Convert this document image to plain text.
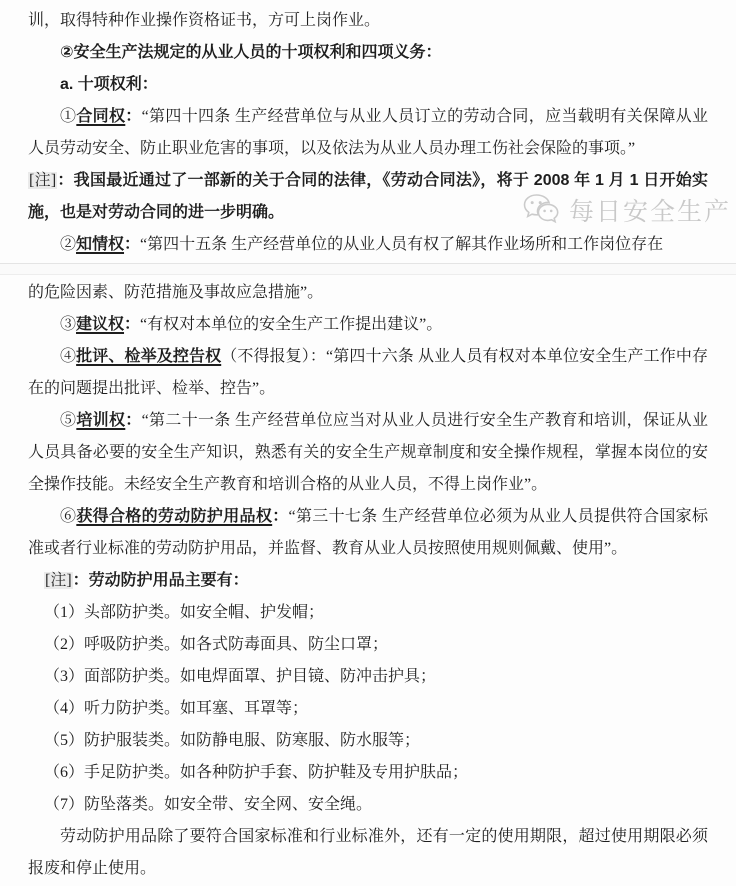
每日安全生产

训，取得特种作业操作资格证书，方可上岗作业。

②安全生产法规定的从业人员的十项权利和四项义务：

a. 十项权利：

①合同权：“第四十四条 生产经营单位与从业人员订立的劳动合同，应当载明有关保障从业人员劳动安全、防止职业危害的事项，以及依法为从业人员办理工伤社会保险的事项。”

[注]：我国最近通过了一部新的关于合同的法律，《劳动合同法》，将于 2008 年 1 月 1 日开始实施，也是对劳动合同的进一步明确。

②知情权：“第四十五条 生产经营单位的从业人员有权了解其作业场所和工作岗位存在

的危险因素、防范措施及事故应急措施”。

③建议权：“有权对本单位的安全生产工作提出建议”。

④批评、检举及控告权（不得报复）：“第四十六条 从业人员有权对本单位安全生产工作中存在的问题提出批评、检举、控告”。

⑤培训权：“第二十一条 生产经营单位应当对从业人员进行安全生产教育和培训，保证从业人员具备必要的安全生产知识，熟悉有关的安全生产规章制度和安全操作规程，掌握本岗位的安全操作技能。未经安全生产教育和培训合格的从业人员，不得上岗作业”。

⑥获得合格的劳动防护用品权：“第三十七条 生产经营单位必须为从业人员提供符合国家标准或者行业标准的劳动防护用品，并监督、教育从业人员按照使用规则佩戴、使用”。

[注]：劳动防护用品主要有：

（1）头部防护类。如安全帽、护发帽；

（2）呼吸防护类。如各式防毒面具、防尘口罩；

（3）面部防护类。如电焊面罩、护目镜、防冲击护具；

（4）听力防护类。如耳塞、耳罩等；

（5）防护服装类。如防静电服、防寒服、防水服等；

（6）手足防护类。如各种防护手套、防护鞋及专用护肤品；

（7）防坠落类。如安全带、安全网、安全绳。

劳动防护用品除了要符合国家标准和行业标准外，还有一定的使用期限，超过使用期限必须报废和停止使用。
